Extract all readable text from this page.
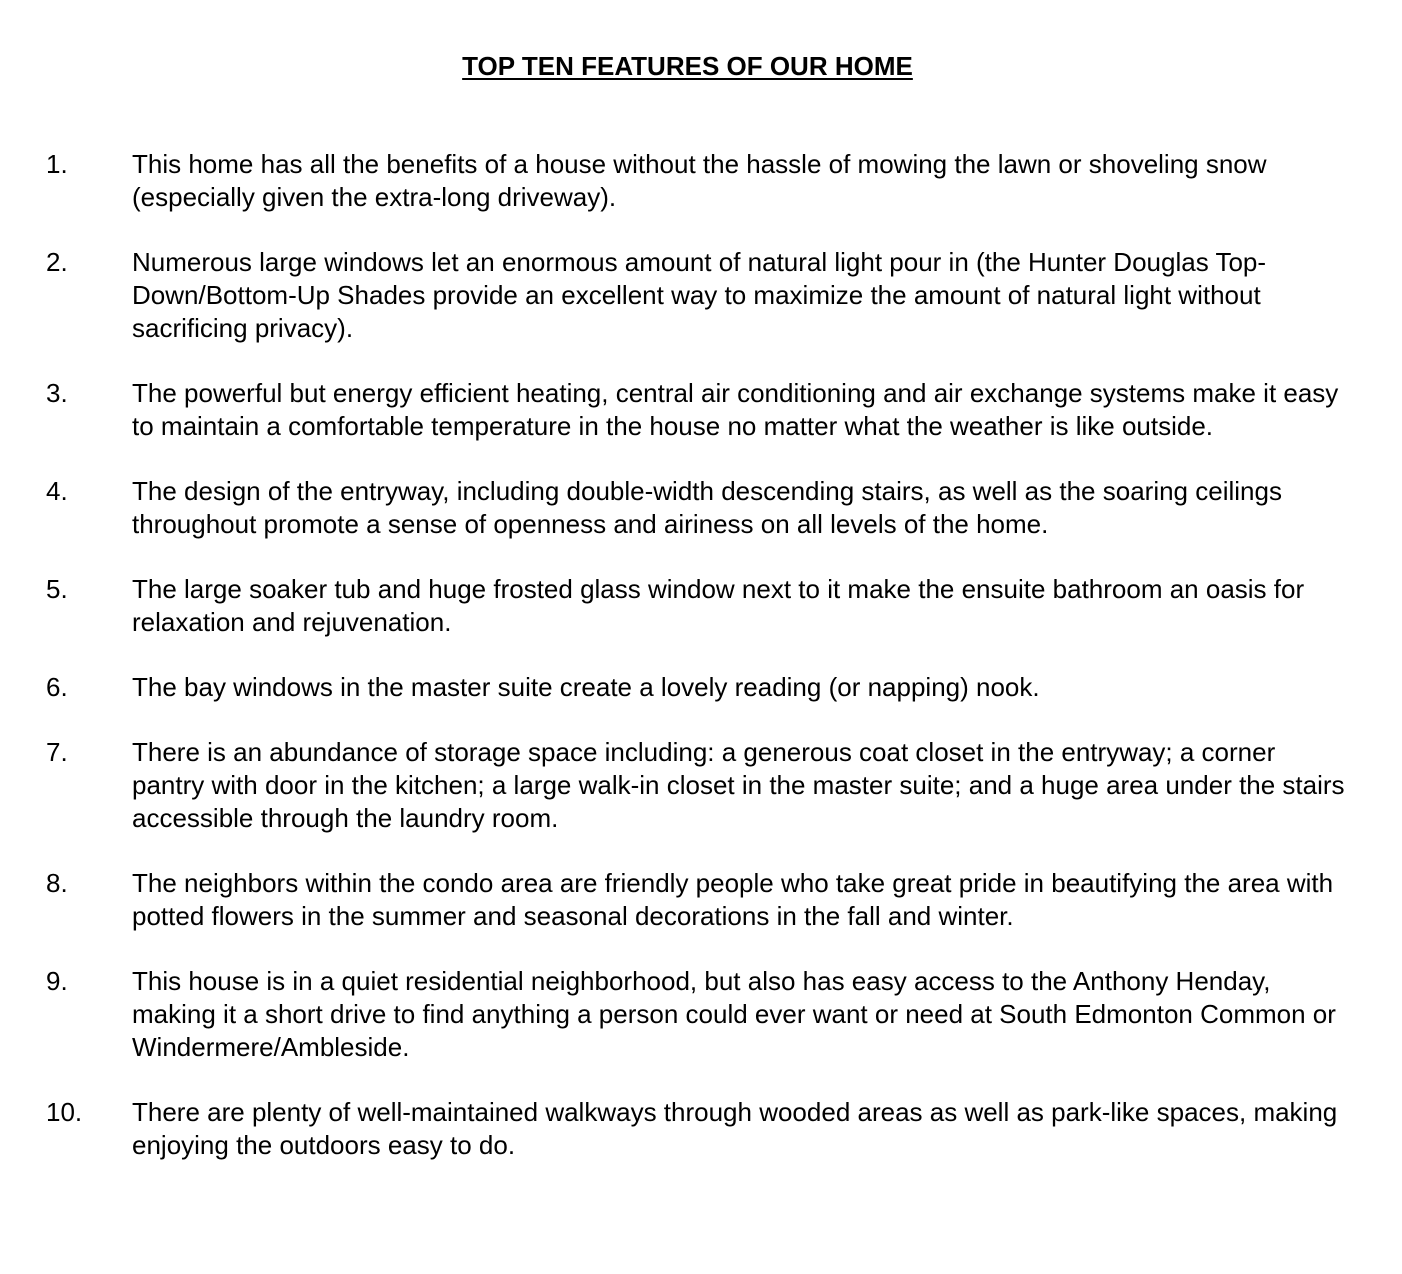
TOP TEN FEATURES OF OUR HOME
1.	This home has all the benefits of a house without the hassle of mowing the lawn or shoveling snow (especially given the extra-long driveway).
2.	Numerous large windows let an enormous amount of natural light pour in (the Hunter Douglas Top-Down/Bottom-Up Shades provide an excellent way to maximize the amount of natural light without sacrificing privacy).
3.	The powerful but energy efficient heating, central air conditioning and air exchange systems make it easy to maintain a comfortable temperature in the house no matter what the weather is like outside.
4.	The design of the entryway, including double-width descending stairs, as well as the soaring ceilings throughout promote a sense of openness and airiness on all levels of the home.
5.	The large soaker tub and huge frosted glass window next to it make the ensuite bathroom an oasis for relaxation and rejuvenation.
6.	The bay windows in the master suite create a lovely reading (or napping) nook.
7.	There is an abundance of storage space including: a generous coat closet in the entryway; a corner pantry with door in the kitchen; a large walk-in closet in the master suite; and a huge area under the stairs accessible through the laundry room.
8.	The neighbors within the condo area are friendly people who take great pride in beautifying the area with potted flowers in the summer and seasonal decorations in the fall and winter.
9.	This house is in a quiet residential neighborhood, but also has easy access to the Anthony Henday, making it a short drive to find anything a person could ever want or need at South Edmonton Common or Windermere/Ambleside.
10.	There are plenty of well-maintained walkways through wooded areas as well as park-like spaces, making enjoying the outdoors easy to do.
